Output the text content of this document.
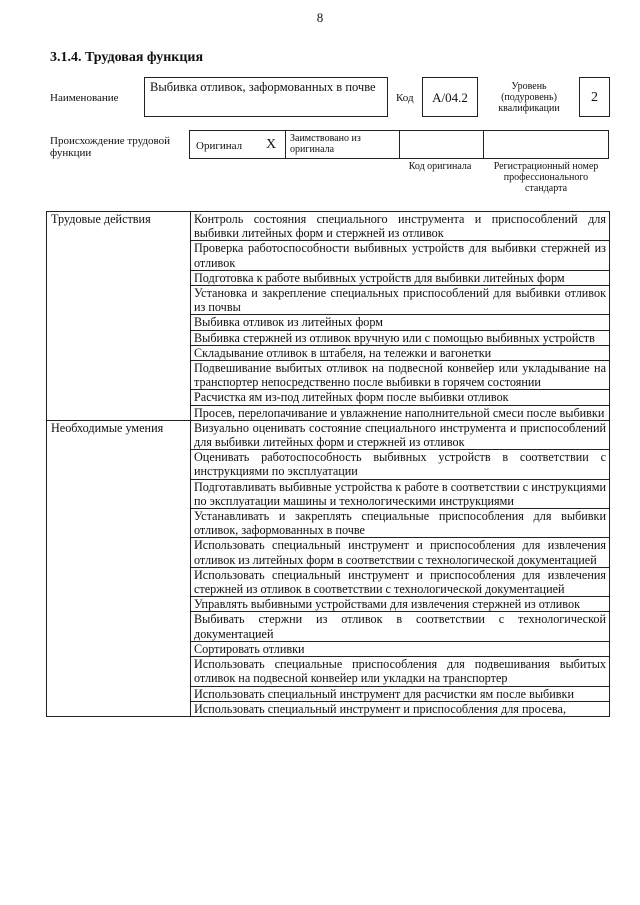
8
3.1.4. Трудовая функция
Наименование
Выбивка отливок, заформованных в почве
Код	А/04.2
Уровень (подуровень) квалификации
2
Происхождение трудовой функции
Оригинал X Заимствовано из оригинала
Код оригинала	Регистрационный номер профессионального стандарта
Трудовые действия	Контроль состояния специального инструмента и приспособлений для выбивки литейных форм и стержней из отливок
	Проверка работоспособности выбивных устройств для выбивки стержней из отливок
	Подготовка к работе выбивных устройств для выбивки литейных форм
	Установка и закрепление специальных приспособлений для выбивки отливок из почвы
	Выбивка отливок из литейных форм
	Выбивка стержней из отливок вручную или с помощью выбивных устройств
	Складывание отливок в штабеля, на тележки и вагонетки
	Подвешивание выбитых отливок на подвесной конвейер или укладывание на транспортер непосредственно после выбивки в горячем состоянии
	Расчистка ям из-под литейных форм после выбивки отливок
	Просев, перелопачивание и увлажнение наполнительной смеси после выбивки
Необходимые умения	Визуально оценивать состояние специального инструмента и приспособлений для выбивки литейных форм и стержней из отливок
	Оценивать работоспособность выбивных устройств в соответствии с инструкциями по эксплуатации
	Подготавливать выбивные устройства к работе в соответствии с инструкциями по эксплуатации машины и технологическими инструкциями
	Устанавливать и закреплять специальные приспособления для выбивки отливок, заформованных в почве
	Использовать специальный инструмент и приспособления для извлечения отливок из литейных форм в соответствии с технологической документацией
	Использовать специальный инструмент и приспособления для извлечения стержней из отливок в соответствии с технологической документацией
	Управлять выбивными устройствами для извлечения стержней из отливок
	Выбивать стержни из отливок в соответствии с технологической документацией
	Сортировать отливки
	Использовать специальные приспособления для подвешивания выбитых отливок на подвесной конвейер или укладки на транспортер
	Использовать специальный инструмент для расчистки ям после выбивки
	Использовать специальный инструмент и приспособления для просева,
